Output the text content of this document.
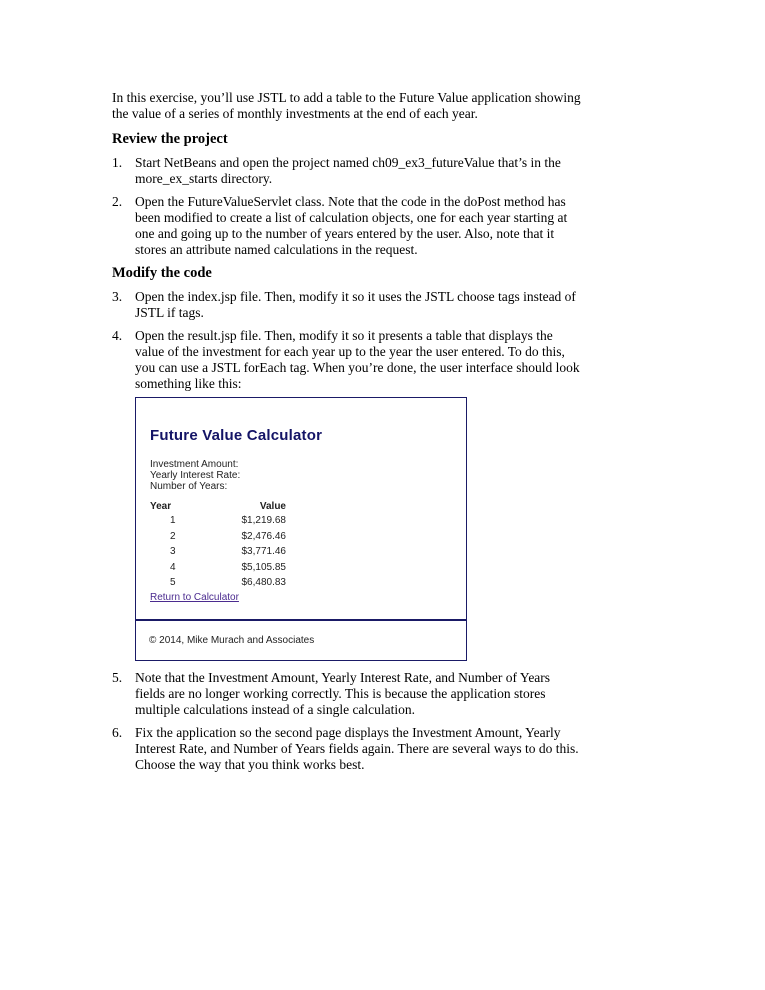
In this exercise, you’ll use JSTL to add a table to the Future Value application showing the value of a series of monthly investments at the end of each year.

Review the project
1. Start NetBeans and open the project named ch09_ex3_futureValue that’s in the more_ex_starts directory.
2. Open the FutureValueServlet class. Note that the code in the doPost method has been modified to create a list of calculation objects, one for each year starting at one and going up to the number of years entered by the user. Also, note that it stores an attribute named calculations in the request.
Modify the code
3. Open the index.jsp file. Then, modify it so it uses the JSTL choose tags instead of JSTL if tags.
4. Open the result.jsp file. Then, modify it so it presents a table that displays the value of the investment for each year up to the year the user entered. To do this, you can use a JSTL forEach tag. When you’re done, the user interface should look something like this:
Future Value Calculator
Investment Amount:
Yearly Interest Rate:
Number of Years:
Year	Value
1	$1,219.68
2	$2,476.46
3	$3,771.46
4	$5,105.85
5	$6,480.83
Return to Calculator
© 2014, Mike Murach and Associates
5. Note that the Investment Amount, Yearly Interest Rate, and Number of Years fields are no longer working correctly. This is because the application stores multiple calculations instead of a single calculation.
6. Fix the application so the second page displays the Investment Amount, Yearly Interest Rate, and Number of Years fields again. There are several ways to do this. Choose the way that you think works best.
